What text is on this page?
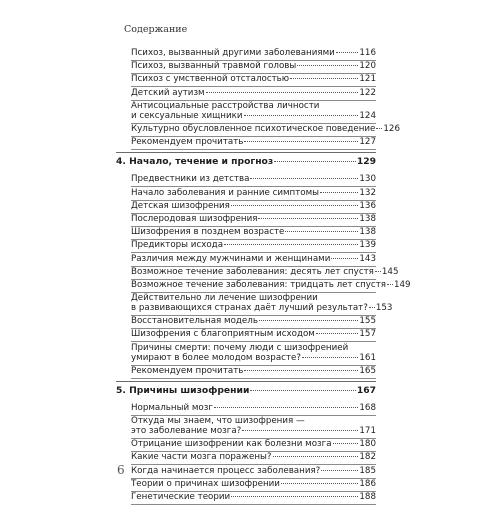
Содержание
Психоз, вызванный другими заболеваниями	116
Психоз, вызванный травмой головы	120
Психоз с умственной отсталостью	121
Детский аутизм	122
Антисоциальные расстройства личности
и сексуальные хищники	124
Культурно обусловленное психотическое поведение 126
Рекомендуем прочитать	127
4. Начало, течение и прогноз	129
Предвестники из детства	130
Начало заболевания и ранние симптомы	132
Детская шизофрения	136
Послеродовая шизофрения	138
Шизофрения в позднем возрасте	138
Предикторы исхода	139
Различия между мужчинами и женщинами	143
Возможное течение заболевания: десять лет спустя 145
Возможное течение заболевания: тридцать лет спустя 149
Действительно ли лечение шизофрении
в развивающихся странах даёт лучший результат? 153
Восстановительная модель	155
Шизофрения с благоприятным исходом	157
Причины смерти: почему люди с шизофренией
умирают в более молодом возрасте?	161
Рекомендуем прочитать	165
5. Причины шизофрении	167
Нормальный мозг	168
Откуда мы знаем, что шизофрения —
это заболевание мозга?	171
Отрицание шизофрении как болезни мозга	180
Какие части мозга поражены?	182
Когда начинается процесс заболевания?	185
Теории о причинах шизофрении	186
Генетические теории	188
6
